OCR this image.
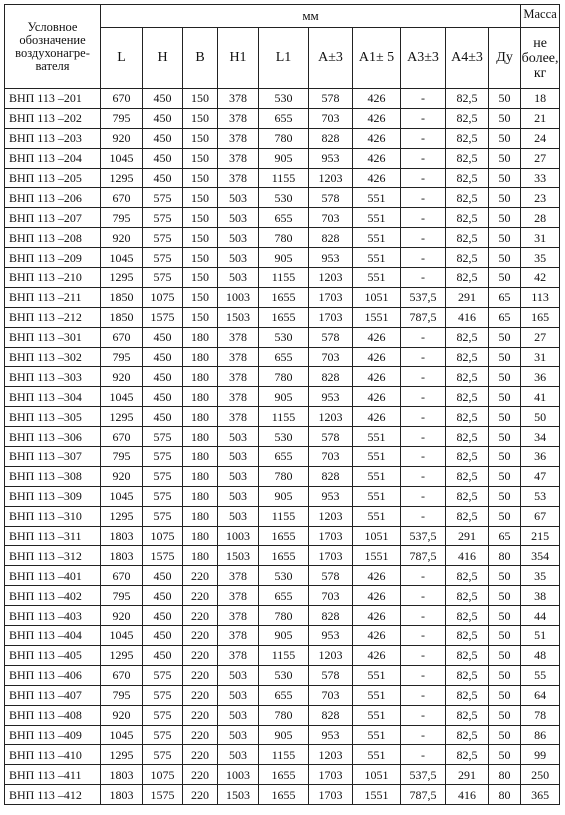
Условное обозначение воздухонагре-вателя	мм										Масса
	L	H	B	H1	L1	A±3	A1± 5	A3±3	A4±3	Ду	не более, кг
ВНП 113 –201	670	450	150	378	530	578	426	-	82,5	50	18
ВНП 113 –202	795	450	150	378	655	703	426	-	82,5	50	21
ВНП 113 –203	920	450	150	378	780	828	426	-	82,5	50	24
ВНП 113 –204	1045	450	150	378	905	953	426	-	82,5	50	27
ВНП 113 –205	1295	450	150	378	1155	1203	426	-	82,5	50	33
ВНП 113 –206	670	575	150	503	530	578	551	-	82,5	50	23
ВНП 113 –207	795	575	150	503	655	703	551	-	82,5	50	28
ВНП 113 –208	920	575	150	503	780	828	551	-	82,5	50	31
ВНП 113 –209	1045	575	150	503	905	953	551	-	82,5	50	35
ВНП 113 –210	1295	575	150	503	1155	1203	551	-	82,5	50	42
ВНП 113 –211	1850	1075	150	1003	1655	1703	1051	537,5	291	65	113
ВНП 113 –212	1850	1575	150	1503	1655	1703	1551	787,5	416	65	165
ВНП 113 –301	670	450	180	378	530	578	426	-	82,5	50	27
ВНП 113 –302	795	450	180	378	655	703	426	-	82,5	50	31
ВНП 113 –303	920	450	180	378	780	828	426	-	82,5	50	36
ВНП 113 –304	1045	450	180	378	905	953	426	-	82,5	50	41
ВНП 113 –305	1295	450	180	378	1155	1203	426	-	82,5	50	50
ВНП 113 –306	670	575	180	503	530	578	551	-	82,5	50	34
ВНП 113 –307	795	575	180	503	655	703	551	-	82,5	50	36
ВНП 113 –308	920	575	180	503	780	828	551	-	82,5	50	47
ВНП 113 –309	1045	575	180	503	905	953	551	-	82,5	50	53
ВНП 113 –310	1295	575	180	503	1155	1203	551	-	82,5	50	67
ВНП 113 –311	1803	1075	180	1003	1655	1703	1051	537,5	291	65	215
ВНП 113 –312	1803	1575	180	1503	1655	1703	1551	787,5	416	80	354
ВНП 113 –401	670	450	220	378	530	578	426	-	82,5	50	35
ВНП 113 –402	795	450	220	378	655	703	426	-	82,5	50	38
ВНП 113 –403	920	450	220	378	780	828	426	-	82,5	50	44
ВНП 113 –404	1045	450	220	378	905	953	426	-	82,5	50	51
ВНП 113 –405	1295	450	220	378	1155	1203	426	-	82,5	50	48
ВНП 113 –406	670	575	220	503	530	578	551	-	82,5	50	55
ВНП 113 –407	795	575	220	503	655	703	551	-	82,5	50	64
ВНП 113 –408	920	575	220	503	780	828	551	-	82,5	50	78
ВНП 113 –409	1045	575	220	503	905	953	551	-	82,5	50	86
ВНП 113 –410	1295	575	220	503	1155	1203	551	-	82,5	50	99
ВНП 113 –411	1803	1075	220	1003	1655	1703	1051	537,5	291	80	250
ВНП 113 –412	1803	1575	220	1503	1655	1703	1551	787,5	416	80	365
